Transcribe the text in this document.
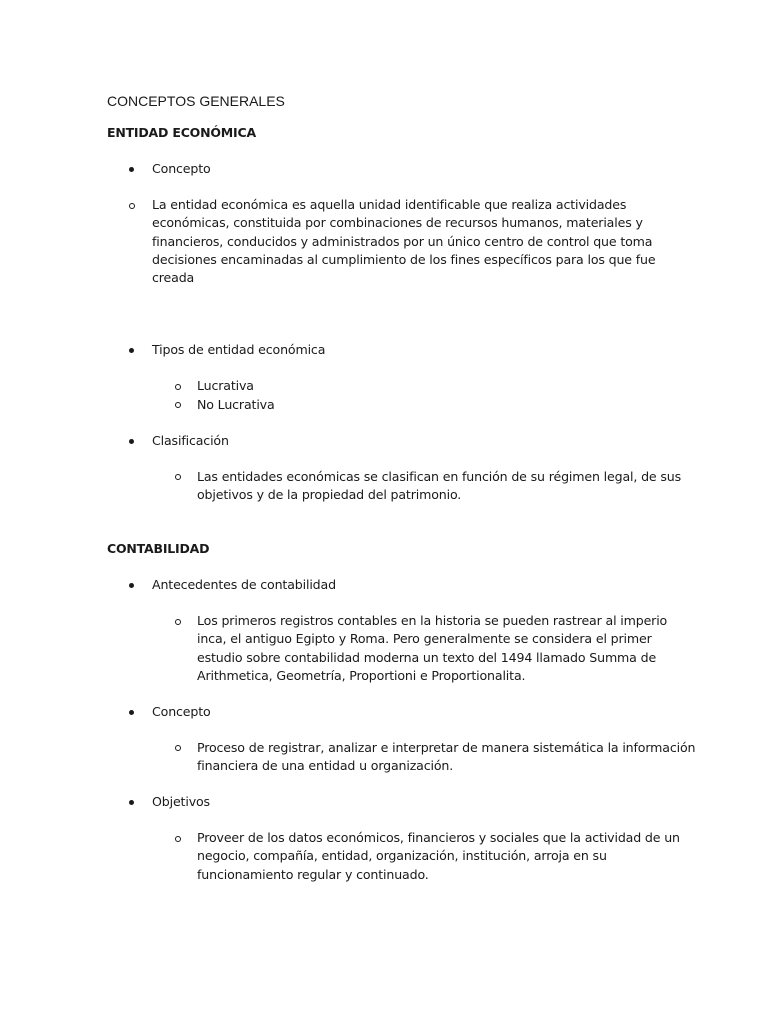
CONCEPTOS GENERALES
ENTIDAD ECONÓMICA
Concepto
La entidad económica es aquella unidad identificable que realiza actividades
económicas, constituida por combinaciones de recursos humanos, materiales y
financieros, conducidos y administrados por un único centro de control que toma
decisiones encaminadas al cumplimiento de los fines específicos para los que fue
creada
Tipos de entidad económica
Lucrativa
No Lucrativa
Clasificación
Las entidades económicas se clasifican en función de su régimen legal, de sus
objetivos y de la propiedad del patrimonio.
CONTABILIDAD
Antecedentes de contabilidad
Los primeros registros contables en la historia se pueden rastrear al imperio
inca, el antiguo Egipto y Roma. Pero generalmente se considera el primer
estudio sobre contabilidad moderna un texto del 1494 llamado Summa de
Arithmetica, Geometría, Proportioni e Proportionalita.
Concepto
Proceso de registrar, analizar e interpretar de manera sistemática la información
financiera de una entidad u organización.
Objetivos
Proveer de los datos económicos, financieros y sociales que la actividad de un
negocio, compañía, entidad, organización, institución, arroja en su
funcionamiento regular y continuado.
